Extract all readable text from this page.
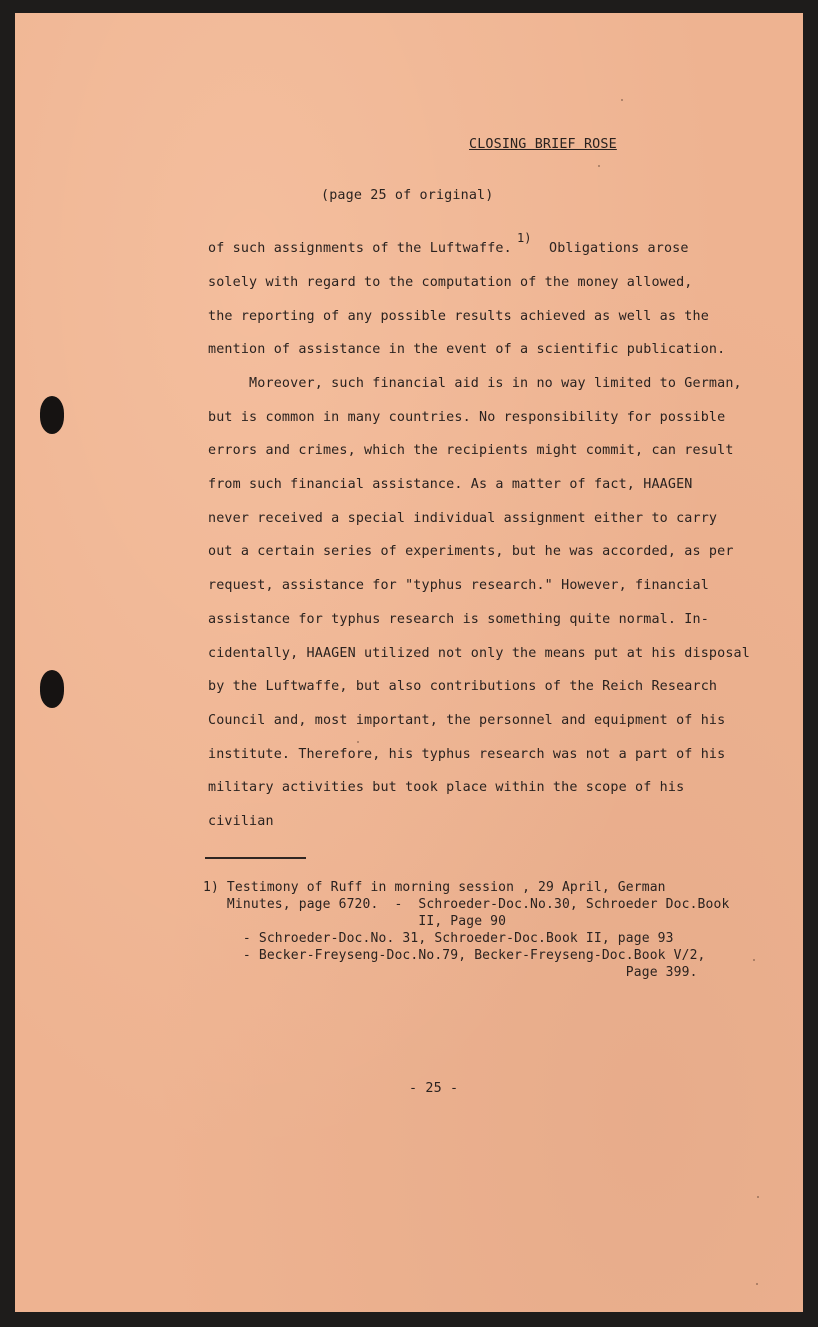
CLOSING BRIEF ROSE
(page 25 of original)
of such assignments of the Luftwaffe.
1)
Obligations arose
solely with regard to the computation of the money allowed,
the reporting of any possible results achieved as well as the
mention of assistance in the event of a scientific publication.
Moreover, such financial aid is in no way limited to German,
but is common in many countries. No responsibility for possible
errors and crimes, which the recipients might commit, can result
from such financial assistance. As a matter of fact, HAAGEN
never received a special individual assignment either to carry
out a certain series of experiments, but he was accorded, as per
request, assistance for "typhus research." However, financial
assistance for typhus research is something quite normal. In-
cidentally, HAAGEN utilized not only the means put at his disposal
by the Luftwaffe, but also contributions of the Reich Research
Council and, most important, the personnel and equipment of his
institute. Therefore, his typhus research was not a part of his
military activities but took place within the scope of his
civilian
1) Testimony of Ruff in morning session , 29 April, German
Minutes, page 6720.  -  Schroeder-Doc.No.30, Schroeder Doc.Book
II, Page 90
- Schroeder-Doc.No. 31, Schroeder-Doc.Book II, page 93
- Becker-Freyseng-Doc.No.79, Becker-Freyseng-Doc.Book V/2,
Page 399.
- 25 -
